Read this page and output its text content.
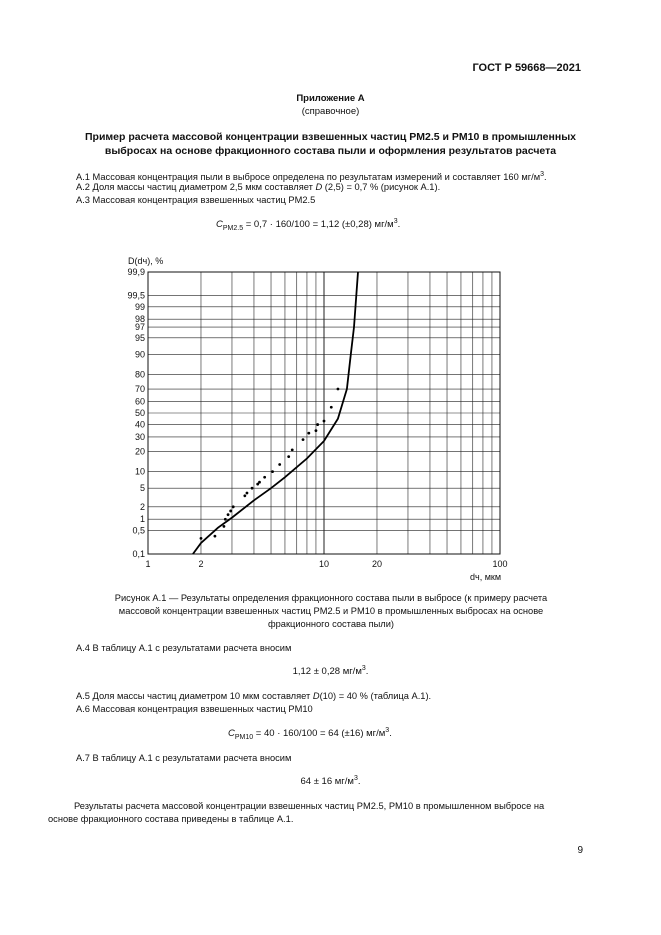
ГОСТ Р 59668—2021
Приложение А
(справочное)
Пример расчета массовой концентрации взвешенных частиц PM2.5 и PM10 в промышленных
выбросах на основе фракционного состава пыли и оформления результатов расчета
А.1 Массовая концентрация пыли в выбросе определена по результатам измерений и составляет 160 $мг/м^3$.
А.2 Доля массы частиц диаметром 2,5 мкм составляет D (2,5) = 0,7 % (рисунок А.1).
А.3 Массовая концентрация взвешенных частиц PM2.5
$C_{PM2.5} = 0,7 \cdot 160/100 = 1,12$ (±0,28) $мг/м^3$.
0,1
0,5
1
2
5
10
20
30
40
50
60
70
80
90
95
97
98
99
99,5
99,9
1	2	10	20	100
D(dч), %
dч, мкм
Рисунок А.1 — Результаты определения фракционного состава пыли в выбросе (к примеру расчета
массовой концентрации взвешенных частиц PM2.5 и PM10 в промышленных выбросах на основе
фракционного состава пыли)
А.4 В таблицу А.1 с результатами расчета вносим
1,12 ± 0,28 $мг/м^3$.
А.5 Доля массы частиц диаметром 10 мкм составляет D(10) = 40 % (таблица А.1).
А.6 Массовая концентрация взвешенных частиц PM10
$C_{PM10} = 40 \cdot 160/100 = 64$ (±16) $мг/м^3$.
А.7 В таблицу А.1 с результатами расчета вносим
64 ± 16 $мг/м^3$.
Результаты расчета массовой концентрации взвешенных частиц PM2.5, PM10 в промышленном выбросе на
основе фракционного состава приведены в таблице А.1.
9
